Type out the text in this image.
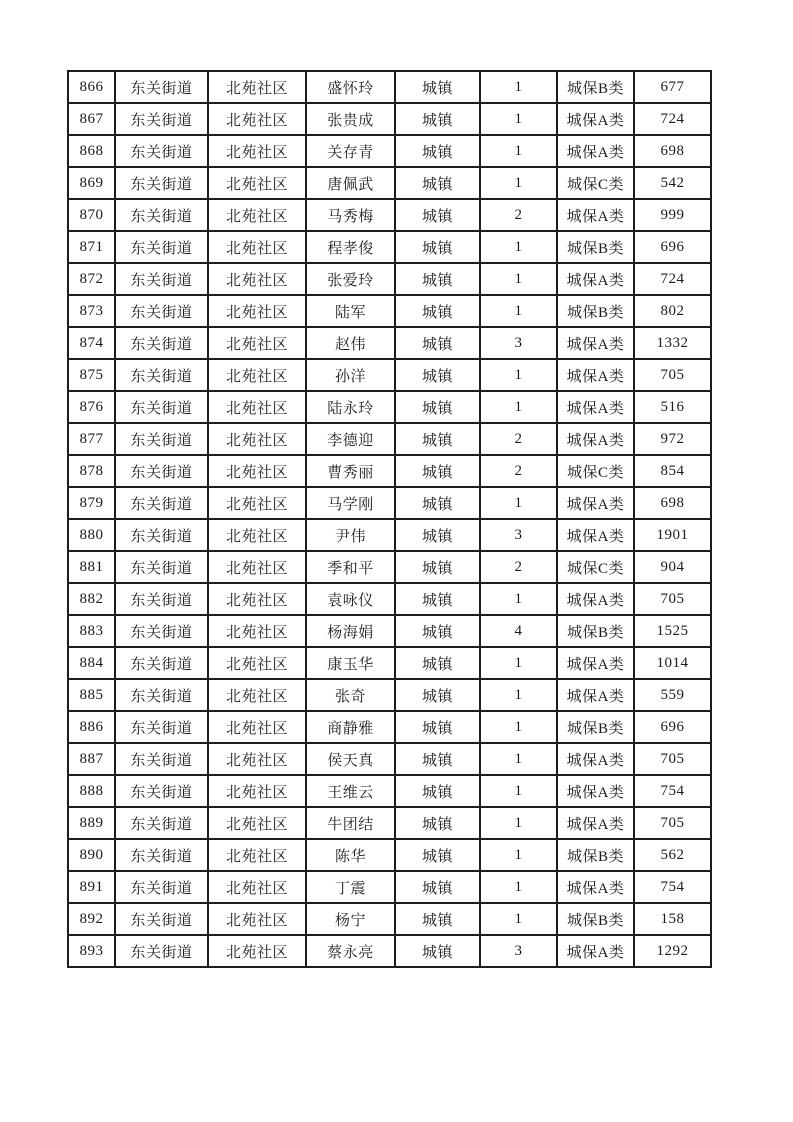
866	东关街道	北苑社区	盛怀玲	城镇	1	城保B类	677
867	东关街道	北苑社区	张贵成	城镇	1	城保A类	724
868	东关街道	北苑社区	关存青	城镇	1	城保A类	698
869	东关街道	北苑社区	唐佩武	城镇	1	城保C类	542
870	东关街道	北苑社区	马秀梅	城镇	2	城保A类	999
871	东关街道	北苑社区	程孝俊	城镇	1	城保B类	696
872	东关街道	北苑社区	张爱玲	城镇	1	城保A类	724
873	东关街道	北苑社区	陆军	城镇	1	城保B类	802
874	东关街道	北苑社区	赵伟	城镇	3	城保A类	1332
875	东关街道	北苑社区	孙洋	城镇	1	城保A类	705
876	东关街道	北苑社区	陆永玲	城镇	1	城保A类	516
877	东关街道	北苑社区	李德迎	城镇	2	城保A类	972
878	东关街道	北苑社区	曹秀丽	城镇	2	城保C类	854
879	东关街道	北苑社区	马学刚	城镇	1	城保A类	698
880	东关街道	北苑社区	尹伟	城镇	3	城保A类	1901
881	东关街道	北苑社区	季和平	城镇	2	城保C类	904
882	东关街道	北苑社区	袁咏仪	城镇	1	城保A类	705
883	东关街道	北苑社区	杨海娟	城镇	4	城保B类	1525
884	东关街道	北苑社区	康玉华	城镇	1	城保A类	1014
885	东关街道	北苑社区	张奇	城镇	1	城保A类	559
886	东关街道	北苑社区	商静雅	城镇	1	城保B类	696
887	东关街道	北苑社区	侯天真	城镇	1	城保A类	705
888	东关街道	北苑社区	王维云	城镇	1	城保A类	754
889	东关街道	北苑社区	牛团结	城镇	1	城保A类	705
890	东关街道	北苑社区	陈华	城镇	1	城保B类	562
891	东关街道	北苑社区	丁震	城镇	1	城保A类	754
892	东关街道	北苑社区	杨宁	城镇	1	城保B类	158
893	东关街道	北苑社区	蔡永亮	城镇	3	城保A类	1292
